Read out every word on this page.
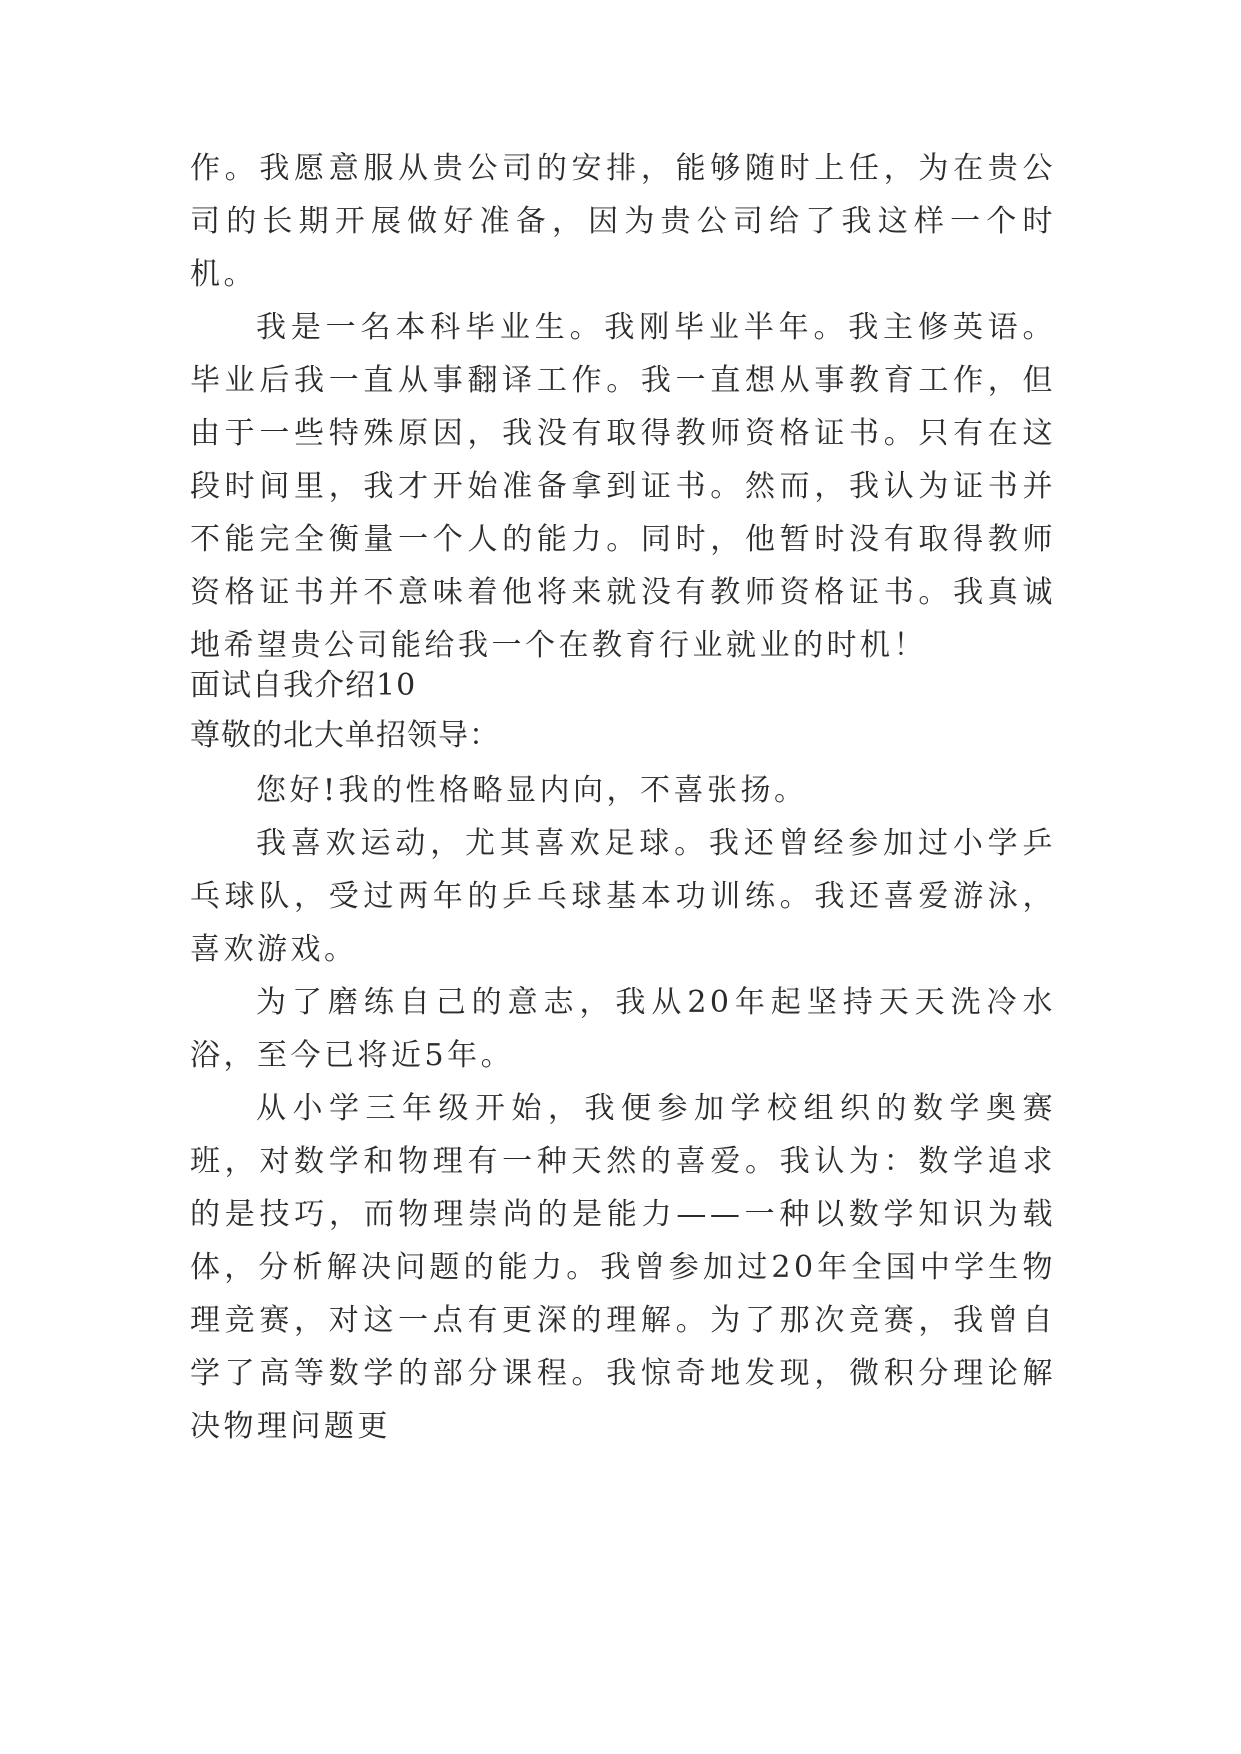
作。我愿意服从贵公司的安排，能够随时上任，为在贵公司的长期开展做好准备，因为贵公司给了我这样一个时机。

我是一名本科毕业生。我刚毕业半年。我主修英语。毕业后我一直从事翻译工作。我一直想从事教育工作，但由于一些特殊原因，我没有取得教师资格证书。只有在这段时间里，我才开始准备拿到证书。然而，我认为证书并不能完全衡量一个人的能力。同时，他暂时没有取得教师资格证书并不意味着他将来就没有教师资格证书。我真诚地希望贵公司能给我一个在教育行业就业的时机！

面试自我介绍10

尊敬的北大单招领导：

您好!我的性格略显内向，不喜张扬。

我喜欢运动，尤其喜欢足球。我还曾经参加过小学乒乓球队，受过两年的乒乓球基本功训练。我还喜爱游泳，喜欢游戏。

为了磨练自己的意志，我从20年起坚持天天洗冷水浴，至今已将近5年。

从小学三年级开始，我便参加学校组织的数学奥赛班，对数学和物理有一种天然的喜爱。我认为：数学追求的是技巧，而物理崇尚的是能力——一种以数学知识为载体，分析解决问题的能力。我曾参加过20年全国中学生物理竞赛，对这一点有更深的理解。为了那次竞赛，我曾自学了高等数学的部分课程。我惊奇地发现，微积分理论解决物理问题更
